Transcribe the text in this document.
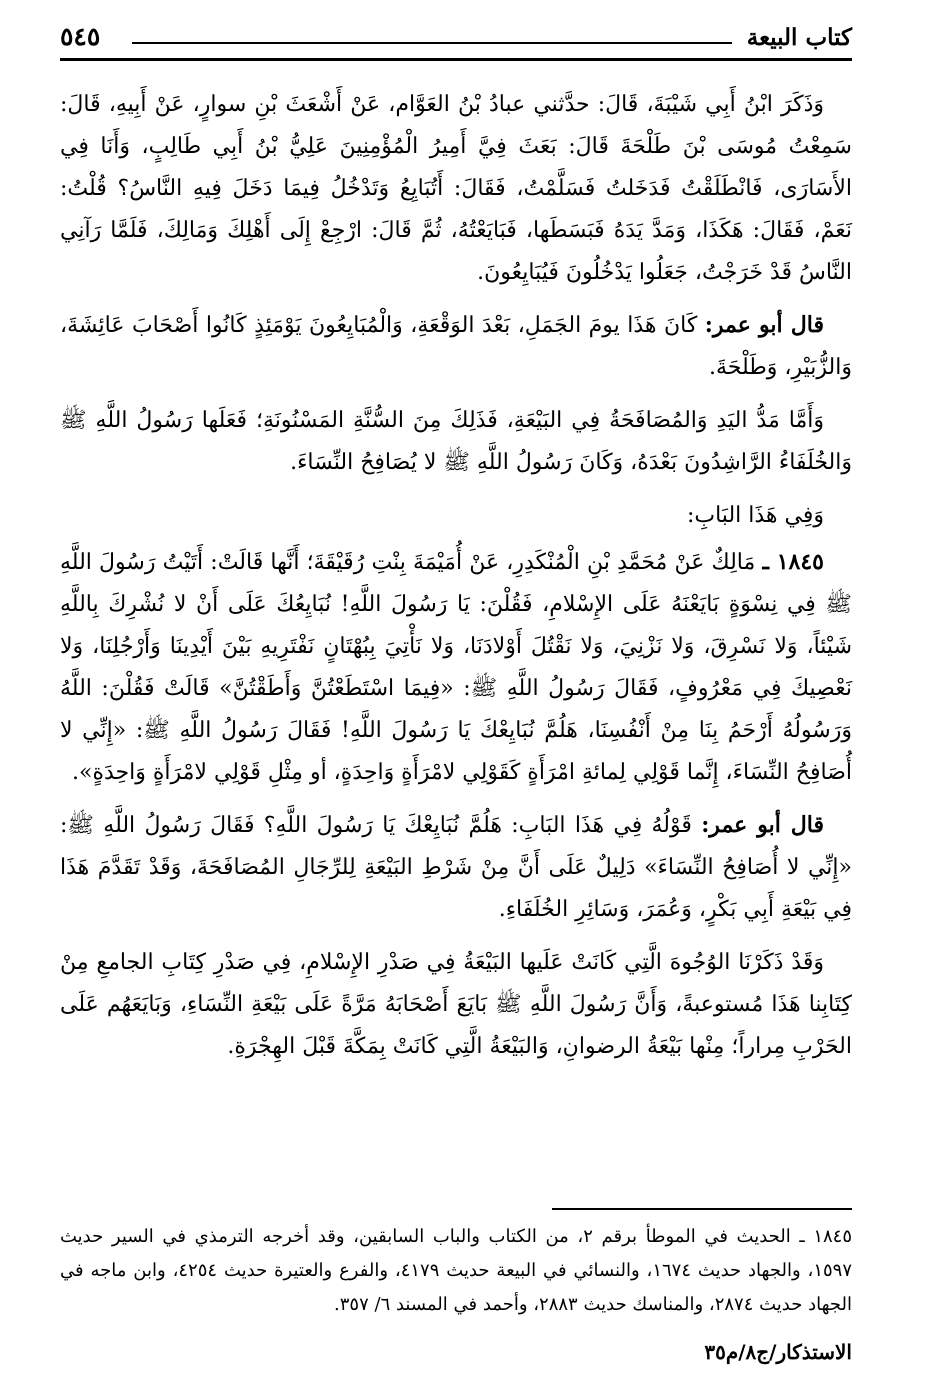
كتاب البيعة
٥٤٥

وَذَكَرَ ابْنُ أَبِي شَيْبَةَ، قَالَ: حدَّثني عبادُ بْنُ العَوَّام، عَنْ أَشْعَثَ بْنِ سوارٍ، عَنْ أَبِيهِ، قَالَ: سَمِعْتُ مُوسَى بْنَ طَلْحَةَ قَالَ: بَعَثَ فِيَّ أَمِيرُ الْمُؤْمِنِينَ عَلِيُّ بْنُ أَبِي طَالِبٍ، وَأَنَا فِي الأَسَارَى، فَانْطَلَقْتُ فَدَخَلتُ فَسَلَّمْتُ، فَقَالَ: أَتُبَايِعُ وَتَدْخُلُ فِيمَا دَخَلَ فِيهِ النَّاسُ؟ قُلْتُ: نَعَمْ، فَقَالَ: هَكَذَا، وَمَدَّ يَدَهُ فَبَسَطَها، فَبَايَعْتُهُ، ثُمَّ قَالَ: ارْجِعْ إِلَى أَهْلِكَ وَمَالِكَ، فَلَمَّا رَآنِي النَّاسُ قَدْ خَرَجْتُ، جَعَلُوا يَدْخُلُونَ فَيُبَايِعُونَ.

قال أبو عمر: كَانَ هَذَا يومَ الجَمَلِ، بَعْدَ الوَقْعَةِ، وَالْمُبَايِعُونَ يَوْمَئِذٍ كَانُوا أَصْحَابَ عَائِشَةَ، وَالزُّبَيْرِ، وَطَلْحَةَ.

وَأَمَّا مَدُّ اليَدِ وَالمُصَافَحَةُ فِي البَيْعَةِ، فَذَلِكَ مِنَ السُّنَّةِ المَسْنُونَةِ؛ فَعَلَها رَسُولُ اللَّهِ ﷺ وَالخُلَفَاءُ الرَّاشِدُونَ بَعْدَهُ، وَكَانَ رَسُولُ اللَّهِ ﷺ لا يُصَافِحُ النِّسَاءَ.

وَفِي هَذَا البَابِ:

١٨٤٥ ـ مَالِكٌ عَنْ مُحَمَّدِ بْنِ الْمُنْكَدِرِ، عَنْ أُمَيْمَةَ بِنْتِ رُقَيْقَةَ؛ أَنَّها قَالَتْ: أَتَيْتُ رَسُولَ اللَّهِ ﷺ فِي نِسْوَةٍ بَايَعْنَهُ عَلَى الإِسْلامِ، فَقُلْنَ: يَا رَسُولَ اللَّهِ! نُبَايِعُكَ عَلَى أَنْ لا نُشْرِكَ بِاللَّهِ شَيْئاً، وَلا نَسْرِقَ، وَلا نَزْنِيَ، وَلا نَقْتُلَ أَوْلادَنَا، وَلا نَأْتِيَ بِبُهْتَانٍ نَفْتَرِيهِ بَيْنَ أَيْدِينَا وَأَرْجُلِنَا، وَلا نَعْصِيكَ فِي مَعْرُوفٍ، فَقَالَ رَسُولُ اللَّهِ ﷺ: «فِيمَا اسْتَطَعْتُنَّ وَأَطَقْتُنَّ» قَالَتْ فَقُلْنَ: اللَّهُ وَرَسُولُهُ أَرْحَمُ بِنَا مِنْ أَنْفُسِنَا، هَلُمَّ نُبَايِعْكَ يَا رَسُولَ اللَّهِ! فَقَالَ رَسُولُ اللَّهِ ﷺ: «إِنِّي لا أُصَافِحُ النِّسَاءَ، إِنَّما قَوْلِي لِمائةِ امْرَأَةٍ كَقَوْلِي لامْرَأَةٍ وَاحِدَةٍ، أو مِثْلِ قَوْلِي لامْرَأَةٍ وَاحِدَةٍ».

قال أبو عمر: قَوْلُهُ فِي هَذَا البَابِ: هَلُمَّ نُبَايِعْكَ يَا رَسُولَ اللَّهِ؟ فَقَالَ رَسُولُ اللَّهِ ﷺ: «إِنِّي لا أُصَافِحُ النِّسَاءَ» دَلِيلٌ عَلَى أَنَّ مِنْ شَرْطِ البَيْعَةِ لِلرِّجَالِ المُصَافَحَةَ، وَقَدْ تَقَدَّمَ هَذَا فِي بَيْعَةِ أَبِي بَكْرٍ، وَعُمَرَ، وَسَائِرِ الخُلَفَاءِ.

وَقَدْ ذَكَرْنَا الوُجُوهَ الَّتِي كَانَتْ عَلَيها البَيْعَةُ فِي صَدْرِ الإِسْلامِ، فِي صَدْرِ كِتَابِ الجامعِ مِنْ كِتَابِنا هَذَا مُستوعبةً، وَأَنَّ رَسُولَ اللَّهِ ﷺ بَايَعَ أَصْحَابَهُ مَرَّةً عَلَى بَيْعَةِ النِّسَاءِ، وَبَايَعَهُم عَلَى الحَرْبِ مِراراً؛ مِنْها بَيْعَةُ الرضوانِ، وَالبَيْعَةُ الَّتِي كَانَتْ بِمَكَّةَ قَبْلَ الهِجْرَةِ.

١٨٤٥ ـ الحديث في الموطأ برقم ٢، من الكتاب والباب السابقين، وقد أخرجه الترمذي في السير حديث ١٥٩٧، والجهاد حديث ١٦٧٤، والنسائي في البيعة حديث ٤١٧٩، والفرع والعتيرة حديث ٤٢٥٤، وابن ماجه في الجهاد حديث ٢٨٧٤، والمناسك حديث ٢٨٨٣، وأحمد في المسند ٦/ ٣٥٧.

الاستذكار/ج٨/م٣٥
